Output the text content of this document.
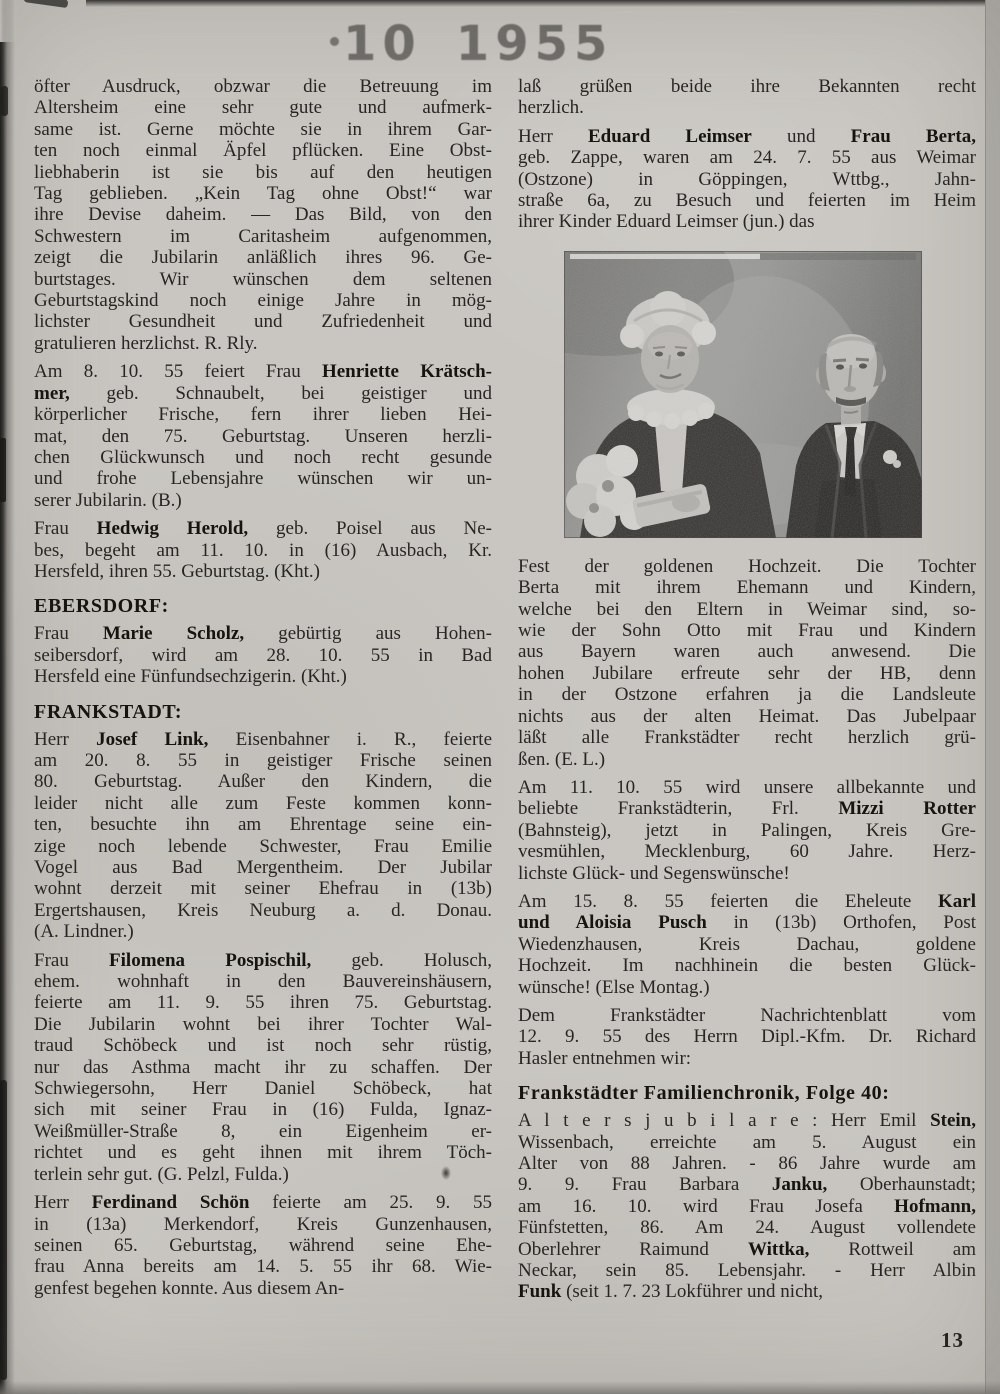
10 1955
öfter Ausdruck, obzwar die Betreuung im
Altersheim eine sehr gute und aufmerk-
same ist. Gerne möchte sie in ihrem Gar-
ten noch einmal Äpfel pflücken. Eine Obst-
liebhaberin ist sie bis auf den heutigen
Tag geblieben. „Kein Tag ohne Obst!“ war
ihre Devise daheim. — Das Bild, von den
Schwestern im Caritasheim aufgenommen,
zeigt die Jubilarin anläßlich ihres 96. Ge-
burtstages. Wir wünschen dem seltenen
Geburtstagskind noch einige Jahre in mög-
lichster Gesundheit und Zufriedenheit und
gratulieren herzlichst. R. Rly.
Am 8. 10. 55 feiert Frau Henriette Krätsch-
mer, geb. Schnaubelt, bei geistiger und
körperlicher Frische, fern ihrer lieben Hei-
mat, den 75. Geburtstag. Unseren herzli-
chen Glückwunsch und noch recht gesunde
und frohe Lebensjahre wünschen wir un-
serer Jubilarin. (B.)
Frau Hedwig Herold, geb. Poisel aus Ne-
bes, begeht am 11. 10. in (16) Ausbach, Kr.
Hersfeld, ihren 55. Geburtstag. (Kht.)
EBERSDORF:
Frau Marie Scholz, gebürtig aus Hohen-
seibersdorf, wird am 28. 10. 55 in Bad
Hersfeld eine Fünfundsechzigerin. (Kht.)
FRANKSTADT:
Herr Josef Link, Eisenbahner i. R., feierte
am 20. 8. 55 in geistiger Frische seinen
80. Geburtstag. Außer den Kindern, die
leider nicht alle zum Feste kommen konn-
ten, besuchte ihn am Ehrentage seine ein-
zige noch lebende Schwester, Frau Emilie
Vogel aus Bad Mergentheim. Der Jubilar
wohnt derzeit mit seiner Ehefrau in (13b)
Ergertshausen, Kreis Neuburg a. d. Donau.
(A. Lindner.)
Frau Filomena Pospischil, geb. Holusch,
ehem. wohnhaft in den Bauvereinshäusern,
feierte am 11. 9. 55 ihren 75. Geburtstag.
Die Jubilarin wohnt bei ihrer Tochter Wal-
traud Schöbeck und ist noch sehr rüstig,
nur das Asthma macht ihr zu schaffen. Der
Schwiegersohn, Herr Daniel Schöbeck, hat
sich mit seiner Frau in (16) Fulda, Ignaz-
Weißmüller-Straße 8, ein Eigenheim er-
richtet und es geht ihnen mit ihrem Töch-
terlein sehr gut. (G. Pelzl, Fulda.)
Herr Ferdinand Schön feierte am 25. 9. 55
in (13a) Merkendorf, Kreis Gunzenhausen,
seinen 65. Geburtstag, während seine Ehe-
frau Anna bereits am 14. 5. 55 ihr 68. Wie-
genfest begehen konnte. Aus diesem An-
laß grüßen beide ihre Bekannten recht
herzlich.
Herr Eduard Leimser und Frau Berta,
geb. Zappe, waren am 24. 7. 55 aus Weimar
(Ostzone) in Göppingen, Wttbg., Jahn-
straße 6a, zu Besuch und feierten im Heim
ihrer Kinder Eduard Leimser (jun.) das
Fest der goldenen Hochzeit. Die Tochter
Berta mit ihrem Ehemann und Kindern,
welche bei den Eltern in Weimar sind, so-
wie der Sohn Otto mit Frau und Kindern
aus Bayern waren auch anwesend. Die
hohen Jubilare erfreute sehr der HB, denn
in der Ostzone erfahren ja die Landsleute
nichts aus der alten Heimat. Das Jubelpaar
läßt alle Frankstädter recht herzlich grü-
ßen. (E. L.)
Am 11. 10. 55 wird unsere allbekannte und
beliebte Frankstädterin, Frl. Mizzi Rotter
(Bahnsteig), jetzt in Palingen, Kreis Gre-
vesmühlen, Mecklenburg, 60 Jahre. Herz-
lichste Glück- und Segenswünsche!
Am 15. 8. 55 feierten die Eheleute Karl
und Aloisia Pusch in (13b) Orthofen, Post
Wiedenzhausen, Kreis Dachau, goldene
Hochzeit. Im nachhinein die besten Glück-
wünsche! (Else Montag.)
Dem Frankstädter Nachrichtenblatt vom
12. 9. 55 des Herrn Dipl.-Kfm. Dr. Richard
Hasler entnehmen wir:
Frankstädter Familienchronik, Folge 40:
A l t e r s j u b i l a r e : Herr Emil Stein,
Wissenbach, erreichte am 5. August ein
Alter von 88 Jahren. - 86 Jahre wurde am
9. 9. Frau Barbara Janku, Oberhaunstadt;
am 16. 10. wird Frau Josefa Hofmann,
Fünfstetten, 86. Am 24. August vollendete
Oberlehrer Raimund Wittka, Rottweil am
Neckar, sein 85. Lebensjahr. - Herr Albin
Funk (seit 1. 7. 23 Lokführer und nicht,
13
